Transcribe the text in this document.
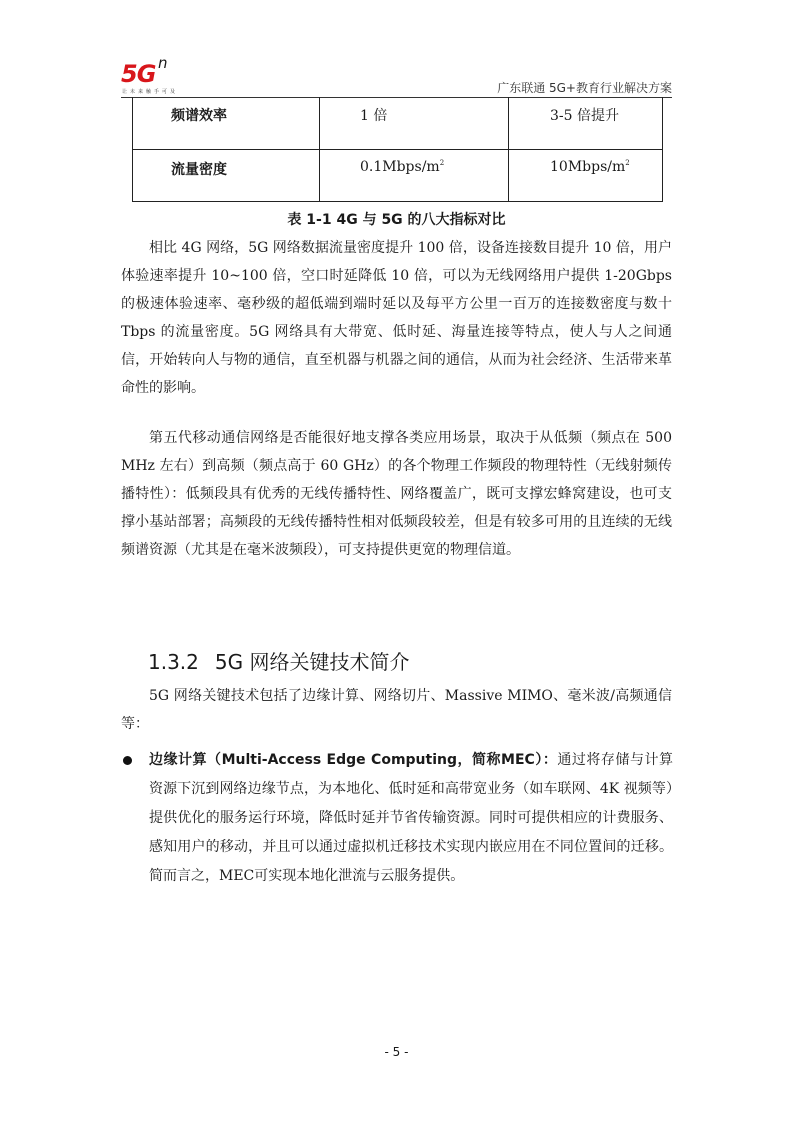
5G n
让未来触手可及	广东联通 5G+教育行业解决方案
频谱效率	1 倍	3-5 倍提升
流量密度	$0.1Mbps/m^2$	$10Mbps/m^2$
表 1-1 4G 与 5G 的八大指标对比
相比 4G 网络，5G 网络数据流量密度提升 100 倍，设备连接数目提升 10 倍，用户体验速率提升 10~100 倍，空口时延降低 10 倍，可以为无线网络用户提供 1-20Gbps 的极速体验速率、毫秒级的超低端到端时延以及每平方公里一百万的连接数密度与数十 Tbps 的流量密度。5G 网络具有大带宽、低时延、海量连接等特点，使人与人之间通信，开始转向人与物的通信，直至机器与机器之间的通信，从而为社会经济、生活带来革命性的影响。
第五代移动通信网络是否能很好地支撑各类应用场景，取决于从低频（频点在 500 MHz 左右）到高频（频点高于 60 GHz）的各个物理工作频段的物理特性（无线射频传播特性）：低频段具有优秀的无线传播特性、网络覆盖广，既可支撑宏蜂窝建设，也可支撑小基站部署；高频段的无线传播特性相对低频段较差，但是有较多可用的且连续的无线频谱资源（尤其是在毫米波频段），可支持提供更宽的物理信道。
1.3.2 5G 网络关键技术简介
5G 网络关键技术包括了边缘计算、网络切片、Massive MIMO、毫米波/高频通信等：
边缘计算（Multi-Access Edge Computing，简称MEC）：通过将存储与计算资源下沉到网络边缘节点，为本地化、低时延和高带宽业务（如车联网、4K 视频等）提供优化的服务运行环境，降低时延并节省传输资源。同时可提供相应的计费服务、感知用户的移动，并且可以通过虚拟机迁移技术实现内嵌应用在不同位置间的迁移。简而言之，MEC可实现本地化泄流与云服务提供。
- 5 -
